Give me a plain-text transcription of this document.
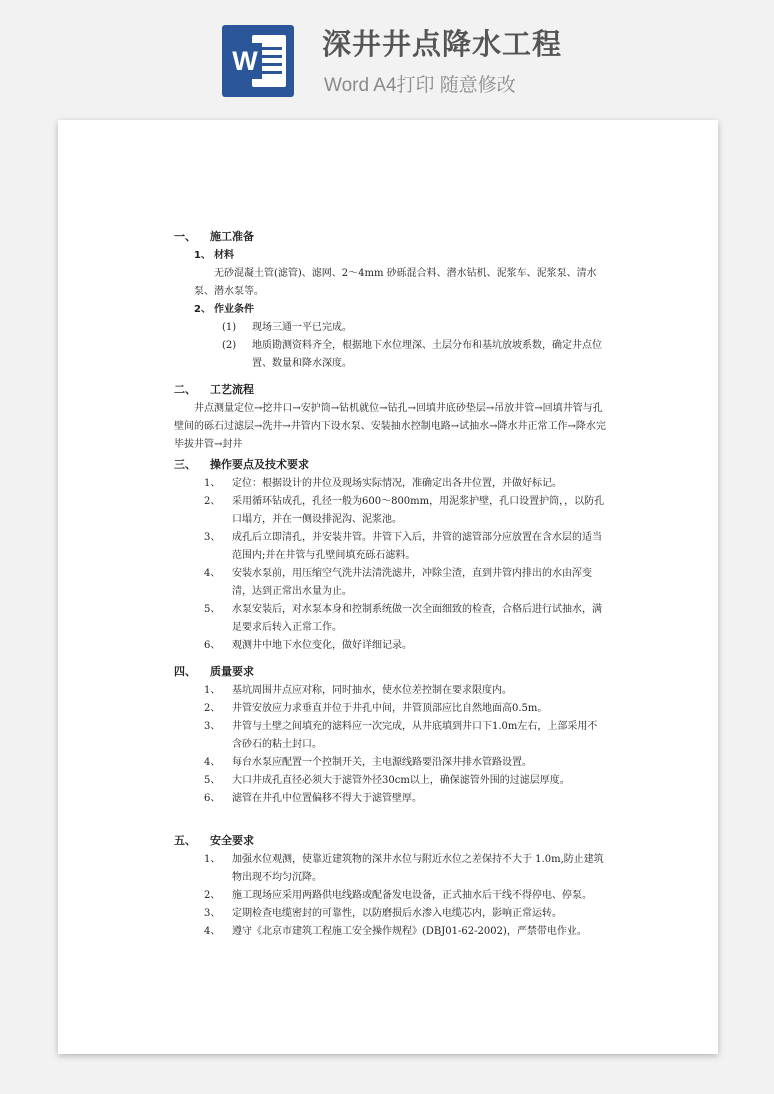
W 深井井点降水工程
Word A4打印 随意修改
一、 施工准备
1、 材料
无砂混凝土管(滤管)、滤网、2～4mm 砂砾混合料、潜水钻机、泥浆车、泥浆泵、清水泵、潜水泵等。
2、 作业条件
(1) 现场三通一平已完成。
(2) 地质勘测资料齐全，根据地下水位埋深、土层分布和基坑放坡系数，确定井点位置、数量和降水深度。
二、 工艺流程
井点测量定位→挖井口→安护筒→钻机就位→钻孔→回填井底砂垫层→吊放井管→回填井管与孔壁间的砾石过滤层→洗井→井管内下设水泵、安装抽水控制电路→试抽水→降水井正常工作→降水完毕拔井管→封井
三、 操作要点及技术要求
1、 定位：根据设计的井位及现场实际情况，准确定出各井位置，并做好标记。
2、 采用循环钻成孔，孔径一般为600～800mm，用泥浆护壁，孔口设置护筒，，以防孔口塌方，并在一侧设排泥沟、泥浆池。
3、 成孔后立即清孔，并安装井管。井管下入后，井管的滤管部分应放置在含水层的适当范围内;并在井管与孔壁间填充砾石滤料。
4、 安装水泵前，用压缩空气洗井法清洗滤井，冲除尘渣，直到井管内排出的水由浑变清，达到正常出水量为止。
5、 水泵安装后，对水泵本身和控制系统做一次全面细致的检查，合格后进行试抽水，满足要求后转入正常工作。
6、 观测井中地下水位变化，做好详细记录。
四、 质量要求
1、 基坑周围井点应对称，同时抽水，使水位差控制在要求限度内。
2、 井管安放应力求垂直并位于井孔中间，井管顶部应比自然地面高0.5m。
3、 井管与土壁之间填充的滤料应一次完成，从井底填到井口下1.0m左右，上部采用不含砂石的粘土封口。
4、 每台水泵应配置一个控制开关，主电源线路要沿深井排水管路设置。
5、 大口井成孔直径必须大于滤管外径30cm以上，确保滤管外围的过滤层厚度。
6、 滤管在井孔中位置偏移不得大于滤管壁厚。
五、 安全要求
1、 加强水位观测，使靠近建筑物的深井水位与附近水位之差保持不大于 1.0m,防止建筑物出现不均匀沉降。
2、 施工现场应采用两路供电线路或配备发电设备，正式抽水后干线不得停电、停泵。
3、 定期检查电缆密封的可靠性，以防磨损后水渗入电缆芯内，影响正常运转。
4、 遵守《北京市建筑工程施工安全操作规程》(DBJ01-62-2002)，严禁带电作业。
